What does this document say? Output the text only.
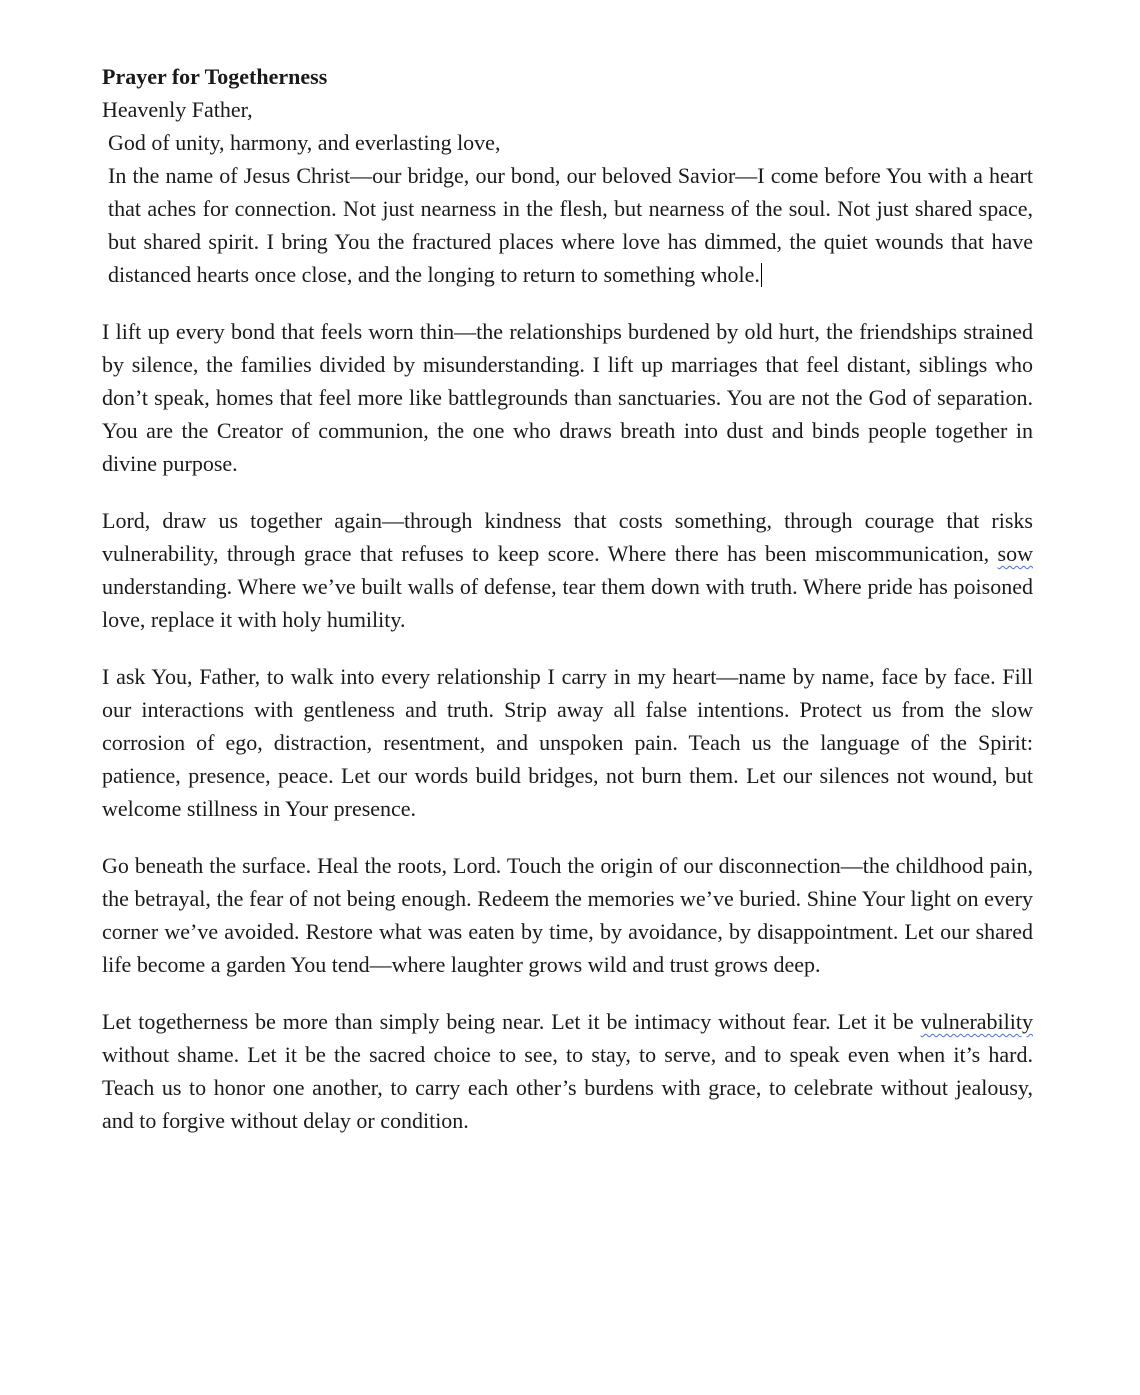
Prayer for Togetherness

Heavenly Father,

God of unity, harmony, and everlasting love,

In the name of Jesus Christ—our bridge, our bond, our beloved Savior—I come before You with a heart that aches for connection. Not just nearness in the flesh, but nearness of the soul. Not just shared space, but shared spirit. I bring You the fractured places where love has dimmed, the quiet wounds that have distanced hearts once close, and the longing to return to something whole.

I lift up every bond that feels worn thin—the relationships burdened by old hurt, the friendships strained by silence, the families divided by misunderstanding. I lift up marriages that feel distant, siblings who don’t speak, homes that feel more like battlegrounds than sanctuaries. You are not the God of separation. You are the Creator of communion, the one who draws breath into dust and binds people together in divine purpose.

Lord, draw us together again—through kindness that costs something, through courage that risks vulnerability, through grace that refuses to keep score. Where there has been miscommunication, sow understanding. Where we’ve built walls of defense, tear them down with truth. Where pride has poisoned love, replace it with holy humility.

I ask You, Father, to walk into every relationship I carry in my heart—name by name, face by face. Fill our interactions with gentleness and truth. Strip away all false intentions. Protect us from the slow corrosion of ego, distraction, resentment, and unspoken pain. Teach us the language of the Spirit: patience, presence, peace. Let our words build bridges, not burn them. Let our silences not wound, but welcome stillness in Your presence.

Go beneath the surface. Heal the roots, Lord. Touch the origin of our disconnection—the childhood pain, the betrayal, the fear of not being enough. Redeem the memories we’ve buried. Shine Your light on every corner we’ve avoided. Restore what was eaten by time, by avoidance, by disappointment. Let our shared life become a garden You tend—where laughter grows wild and trust grows deep.

Let togetherness be more than simply being near. Let it be intimacy without fear. Let it be vulnerability without shame. Let it be the sacred choice to see, to stay, to serve, and to speak even when it’s hard. Teach us to honor one another, to carry each other’s burdens with grace, to celebrate without jealousy, and to forgive without delay or condition.
